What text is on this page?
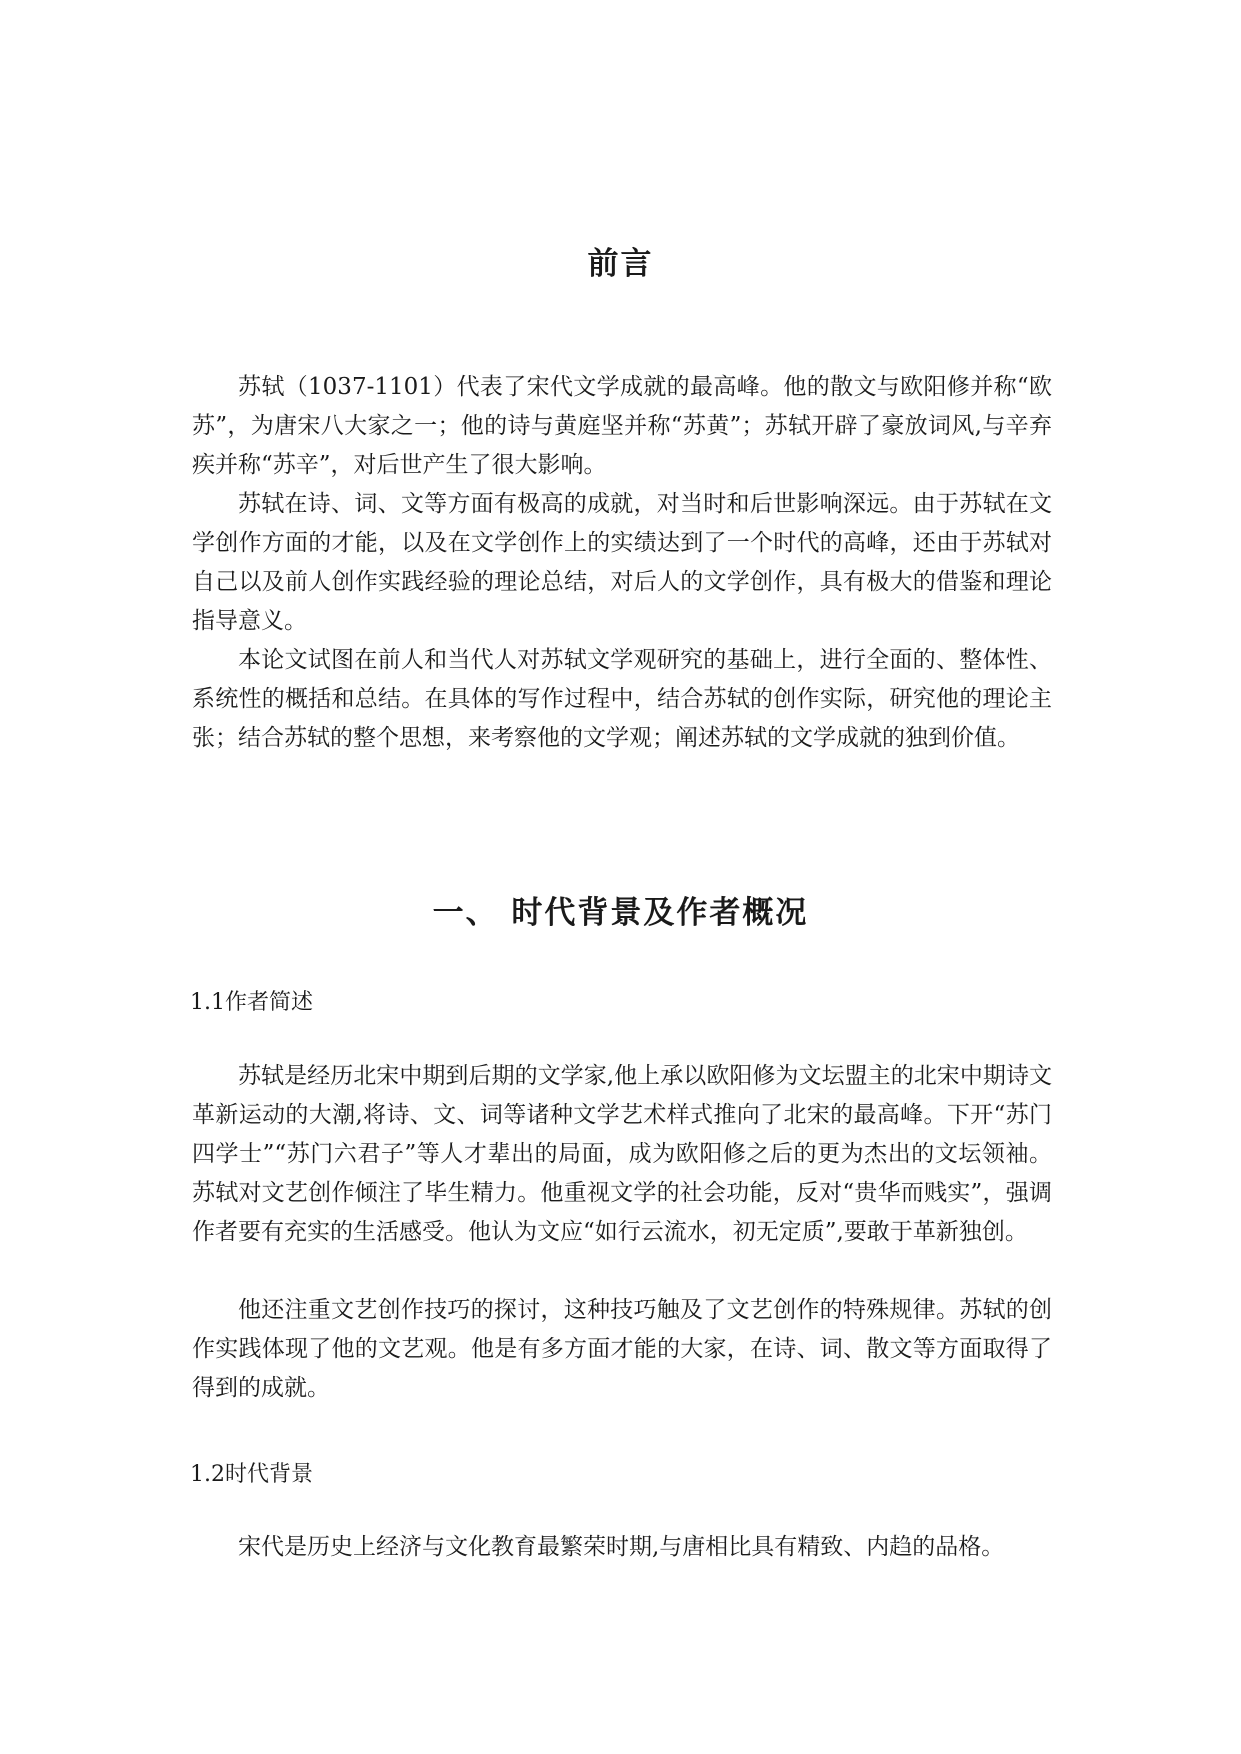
前言

苏轼（1037-1101）代表了宋代文学成就的最高峰。他的散文与欧阳修并称“欧苏”，为唐宋八大家之一；他的诗与黄庭坚并称“苏黄”；苏轼开辟了豪放词风,与辛弃疾并称“苏辛”，对后世产生了很大影响。

苏轼在诗、词、文等方面有极高的成就，对当时和后世影响深远。由于苏轼在文学创作方面的才能，以及在文学创作上的实绩达到了一个时代的高峰，还由于苏轼对自己以及前人创作实践经验的理论总结，对后人的文学创作，具有极大的借鉴和理论指导意义。

本论文试图在前人和当代人对苏轼文学观研究的基础上，进行全面的、整体性、系统性的概括和总结。在具体的写作过程中，结合苏轼的创作实际，研究他的理论主张；结合苏轼的整个思想，来考察他的文学观；阐述苏轼的文学成就的独到价值。

一、 时代背景及作者概况
1.1作者简述

苏轼是经历北宋中期到后期的文学家,他上承以欧阳修为文坛盟主的北宋中期诗文革新运动的大潮,将诗、文、词等诸种文学艺术样式推向了北宋的最高峰。下开“苏门四学士”“苏门六君子”等人才辈出的局面，成为欧阳修之后的更为杰出的文坛领袖。苏轼对文艺创作倾注了毕生精力。他重视文学的社会功能，反对“贵华而贱实”，强调作者要有充实的生活感受。他认为文应“如行云流水，初无定质”,要敢于革新独创。

他还注重文艺创作技巧的探讨，这种技巧触及了文艺创作的特殊规律。苏轼的创作实践体现了他的文艺观。他是有多方面才能的大家，在诗、词、散文等方面取得了得到的成就。

1.2时代背景

宋代是历史上经济与文化教育最繁荣时期,与唐相比具有精致、内趋的品格。
